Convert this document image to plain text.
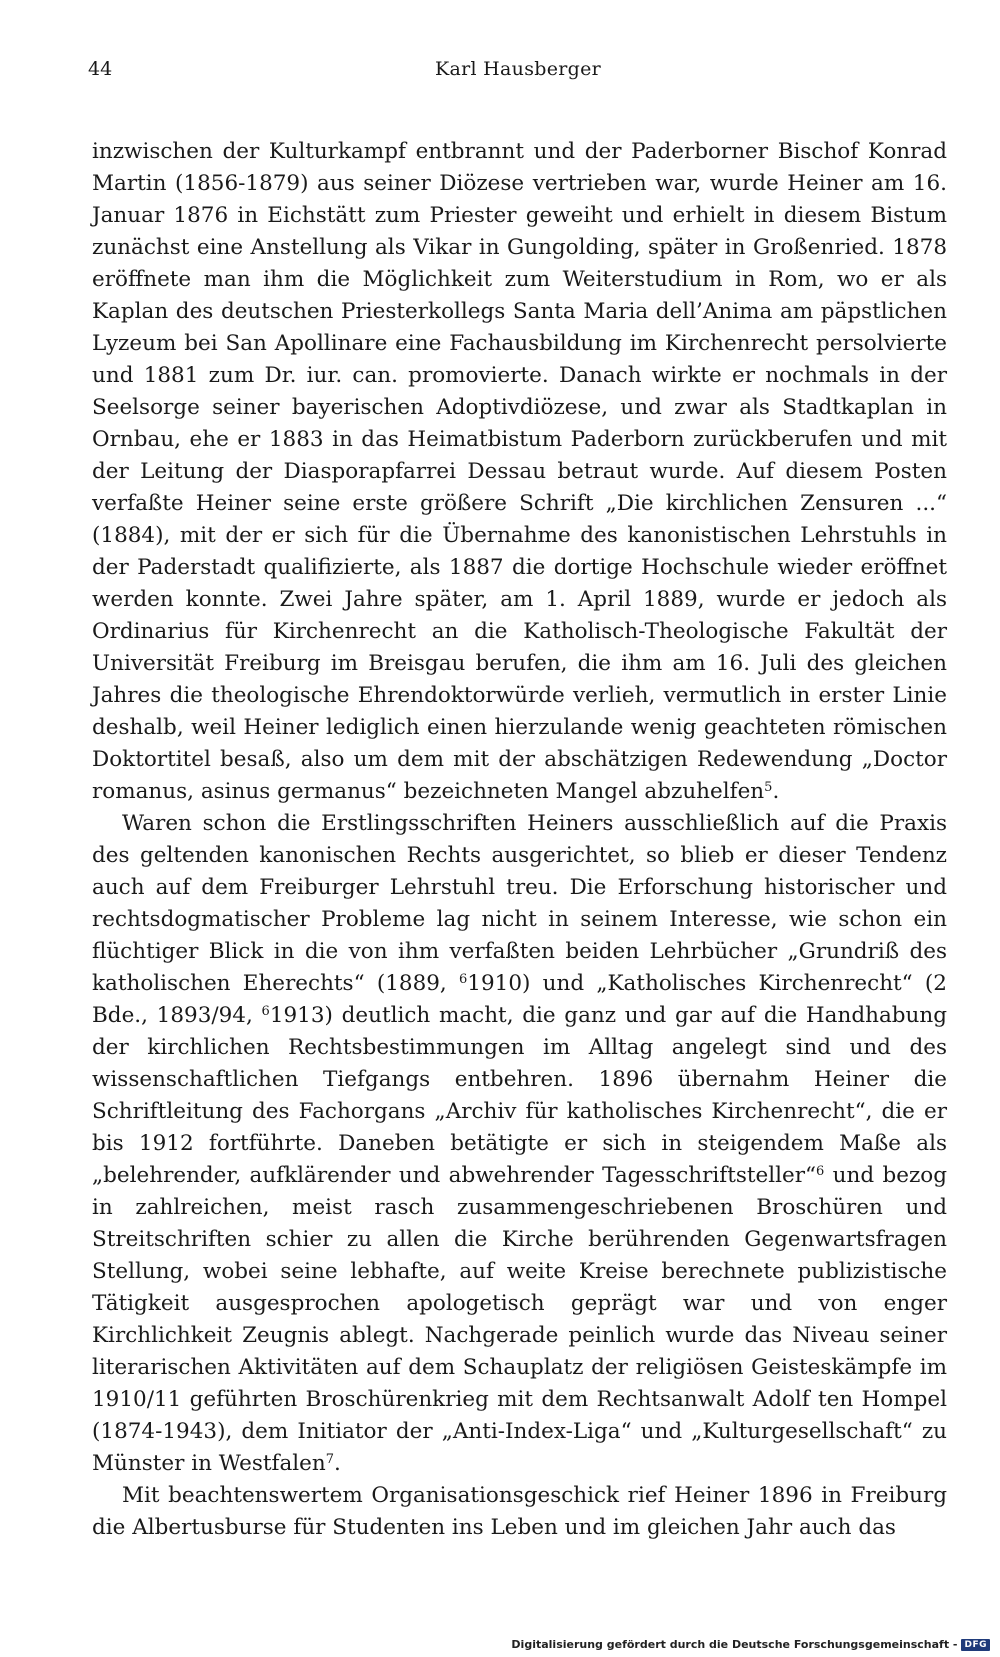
44	Karl Hausberger

inzwischen der Kulturkampf entbrannt und der Paderborner Bischof Konrad Martin (1856-1879) aus seiner Diözese vertrieben war, wurde Heiner am 16. Januar 1876 in Eichstätt zum Priester geweiht und erhielt in diesem Bistum zunächst eine Anstellung als Vikar in Gungolding, später in Großenried. 1878 eröffnete man ihm die Möglichkeit zum Weiterstudium in Rom, wo er als Kaplan des deutschen Priesterkollegs Santa Maria dell’Anima am päpstlichen Lyzeum bei San Apollinare eine Fachausbildung im Kirchenrecht persolvierte und 1881 zum Dr. iur. can. promovierte. Danach wirkte er nochmals in der Seelsorge seiner bayerischen Adoptivdiözese, und zwar als Stadtkaplan in Ornbau, ehe er 1883 in das Heimatbistum Paderborn zurückberufen und mit der Leitung der Diasporapfarrei Dessau betraut wurde. Auf diesem Posten verfaßte Heiner seine erste größere Schrift „Die kirchlichen Zensuren ...“ (1884), mit der er sich für die Übernahme des kanonistischen Lehrstuhls in der Paderstadt qualifizierte, als 1887 die dortige Hochschule wieder eröffnet werden konnte. Zwei Jahre später, am 1. April 1889, wurde er jedoch als Ordinarius für Kirchenrecht an die Katholisch-Theologische Fakultät der Universität Freiburg im Breisgau berufen, die ihm am 16. Juli des gleichen Jahres die theologische Ehrendoktorwürde verlieh, vermutlich in erster Linie deshalb, weil Heiner lediglich einen hierzulande wenig geachteten römischen Doktortitel besaß, also um dem mit der abschätzigen Redewendung „Doctor romanus, asinus germanus“ bezeichneten Mangel abzuhelfen$^5$.

Waren schon die Erstlingsschriften Heiners ausschließlich auf die Praxis des geltenden kanonischen Rechts ausgerichtet, so blieb er dieser Tendenz auch auf dem Freiburger Lehrstuhl treu. Die Erforschung historischer und rechtsdogmatischer Probleme lag nicht in seinem Interesse, wie schon ein flüchtiger Blick in die von ihm verfaßten beiden Lehrbücher „Grundriß des katholischen Eherechts“ (1889, $^6$1910) und „Katholisches Kirchenrecht“ (2 Bde., 1893/94, $^6$1913) deutlich macht, die ganz und gar auf die Handhabung der kirchlichen Rechtsbestimmungen im Alltag angelegt sind und des wissenschaftlichen Tiefgangs entbehren. 1896 übernahm Heiner die Schriftleitung des Fachorgans „Archiv für katholisches Kirchenrecht“, die er bis 1912 fortführte. Daneben betätigte er sich in steigendem Maße als „belehrender, aufklärender und abwehrender Tagesschriftsteller“$^6$ und bezog in zahlreichen, meist rasch zusammengeschriebenen Broschüren und Streitschriften schier zu allen die Kirche berührenden Gegenwartsfragen Stellung, wobei seine lebhafte, auf weite Kreise berechnete publizistische Tätigkeit ausgesprochen apologetisch geprägt war und von enger Kirchlichkeit Zeugnis ablegt. Nachgerade peinlich wurde das Niveau seiner literarischen Aktivitäten auf dem Schauplatz der religiösen Geisteskämpfe im 1910/11 geführten Broschürenkrieg mit dem Rechtsanwalt Adolf ten Hompel (1874-1943), dem Initiator der „Anti-Index-Liga“ und „Kulturgesellschaft“ zu Münster in Westfalen$^7$.

Mit beachtenswertem Organisationsgeschick rief Heiner 1896 in Freiburg die Albertusburse für Studenten ins Leben und im gleichen Jahr auch das

Digitalisierung gefördert durch die Deutsche Forschungsgemeinschaft - DFG
